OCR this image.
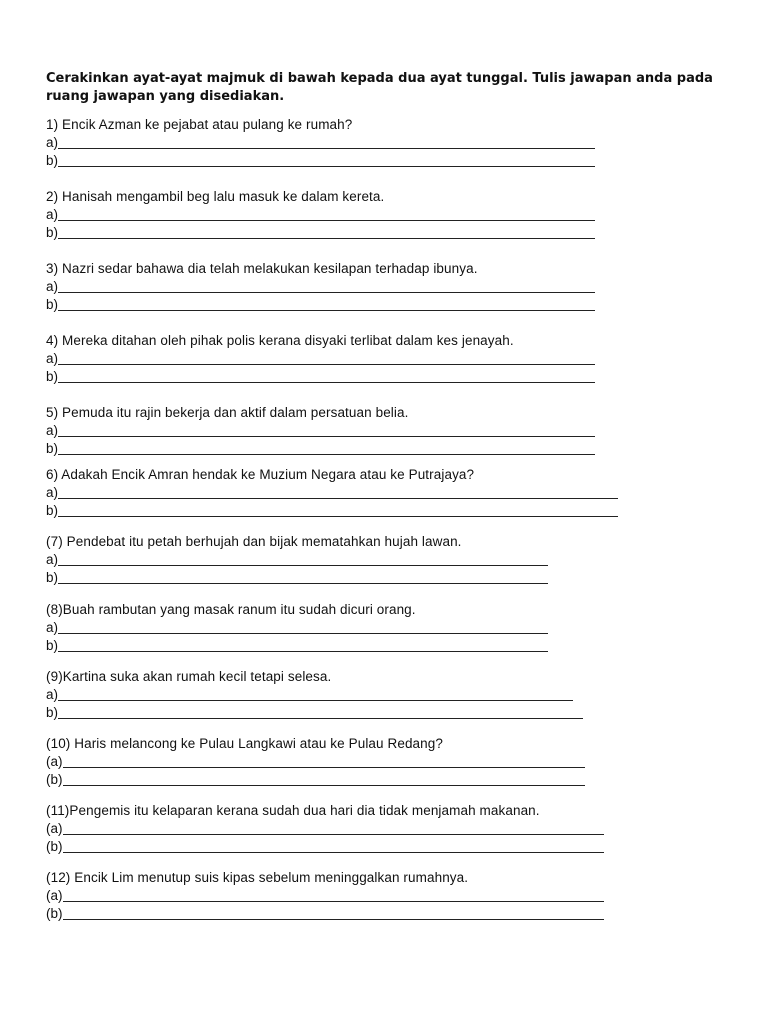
Cerakinkan ayat-ayat majmuk di bawah kepada dua ayat tunggal. Tulis jawapan anda pada ruang jawapan yang disediakan.

1) Encik Azman ke pejabat atau pulang ke rumah?
a)
b)
2) Hanisah mengambil beg lalu masuk ke dalam kereta.
a)
b)
3) Nazri sedar bahawa dia telah melakukan kesilapan terhadap ibunya.
a)
b)
4) Mereka ditahan oleh pihak polis kerana disyaki terlibat dalam kes jenayah.
a)
b)
5) Pemuda itu rajin bekerja dan aktif dalam persatuan belia.
a)
b)
6) Adakah Encik Amran hendak ke Muzium Negara atau ke Putrajaya?
a)
b)
(7) Pendebat itu petah berhujah dan bijak mematahkan hujah lawan.
a)
b)
(8)Buah rambutan yang masak ranum itu sudah dicuri orang.
a)
b)
(9)Kartina suka akan rumah kecil tetapi selesa.
a)
b)
(10) Haris melancong ke Pulau Langkawi atau ke Pulau Redang?
(a)
(b)
(11)Pengemis itu kelaparan kerana sudah dua hari dia tidak menjamah makanan.
(a)
(b)
(12) Encik Lim menutup suis kipas sebelum meninggalkan rumahnya.
(a)
(b)
